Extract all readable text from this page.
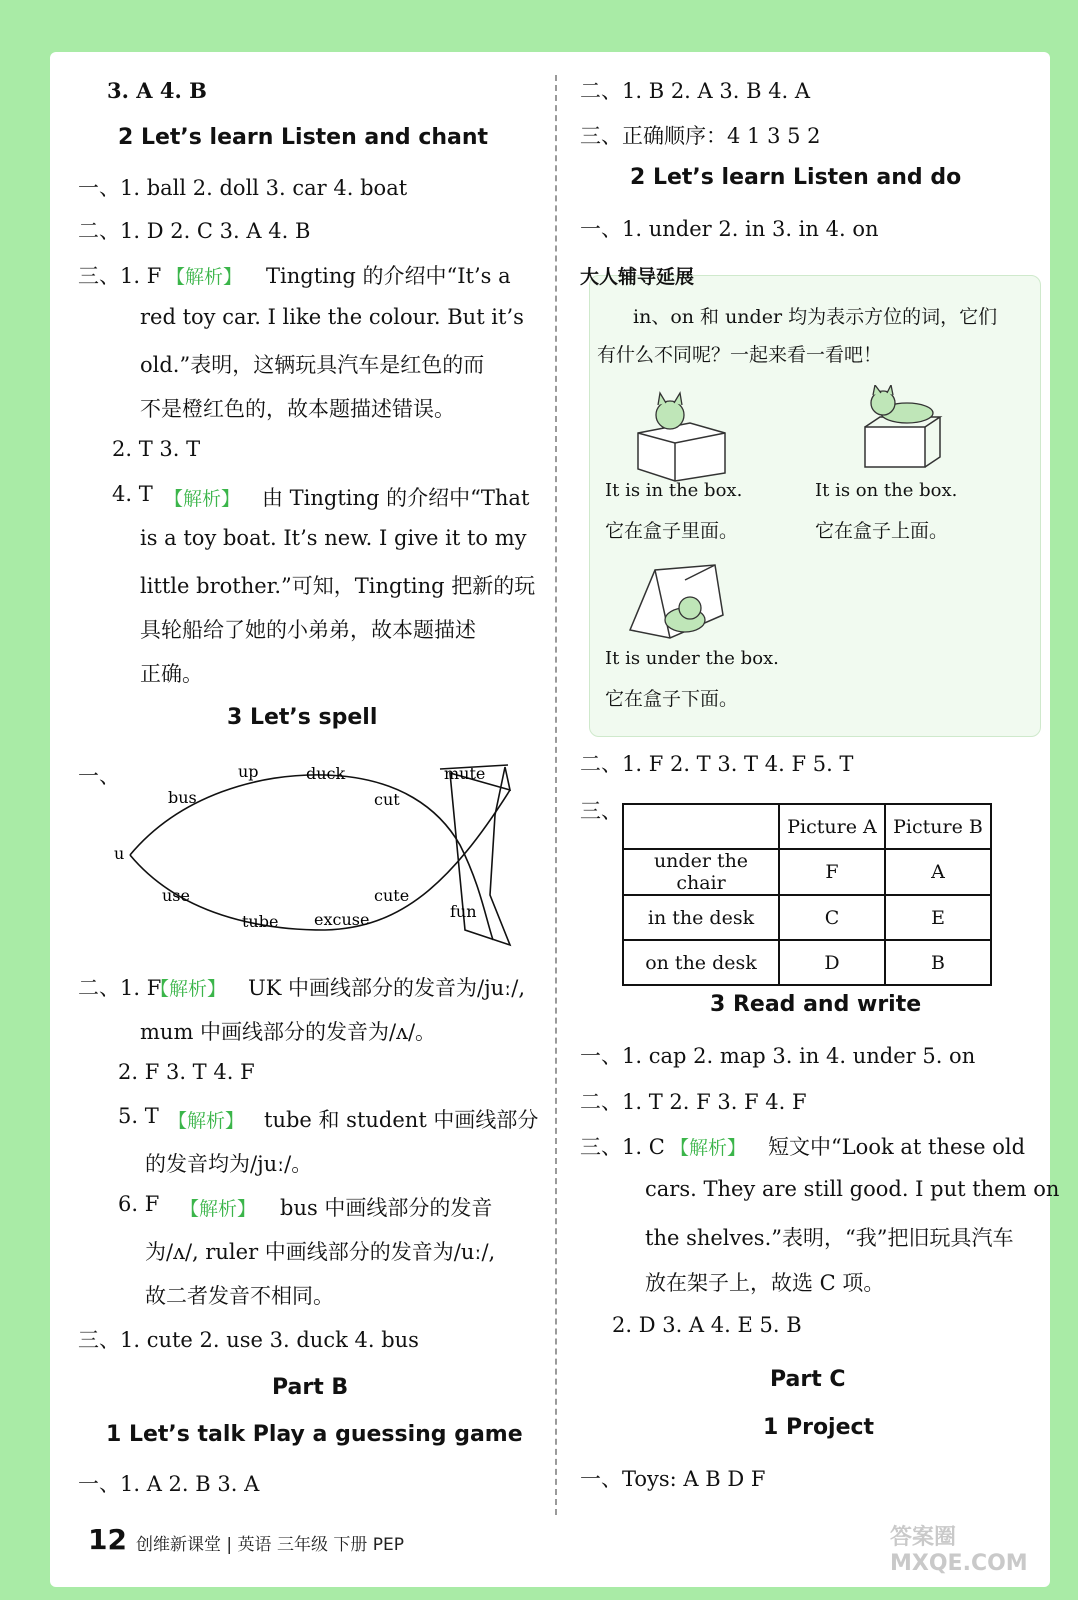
3. A 4. B
2 Let’s learn Listen and chant
一、1. ball 2. doll 3. car 4. boat
二、1. D 2. C 3. A 4. B
三、1. F 【解析】 Tingting 的介绍中“It’s a
red toy car. I like the colour. But it’s
old.”表明，这辆玩具汽车是红色的而
不是橙红色的，故本题描述错误。
2. T 3. T
4. T 【解析】 由 Tingting 的介绍中“That
is a toy boat. It’s new. I give it to my
little brother.”可知，Tingting 把新的玩
具轮船给了她的小弟弟，故本题描述
正确。
3 Let’s spell
一、
u
bus
up	duck
cut
mute
use
tube excuse
cute
fun
二、1. F
【解析】 UK 中画线部分的发音为/juː/,
mum 中画线部分的发音为/ʌ/。
2. F 3. T 4. F
5. T 【解析】 tube 和 student 中画线部分
的发音均为/juː/。
6. F 【解析】 bus 中画线部分的发音
为/ʌ/, ruler 中画线部分的发音为/uː/,
故二者发音不相同。
三、1. cute 2. use 3. duck 4. bus
Part B
1 Let’s talk Play a guessing game
一、1. A 2. B 3. A
二、1. B 2. A 3. B 4. A
三、正确顺序：4 1 3 5 2
2 Let’s learn Listen and do
一、1. under 2. in 3. in 4. on
大人辅导延展
in、on 和 under 均为表示方位的词，它们
有什么不同呢？一起来看一看吧！
It is in the box.
它在盒子里面。
It is on the box.
它在盒子上面。
It is under the box.
它在盒子下面。
二、1. F 2. T 3. T 4. F 5. T
三、
	Picture A	Picture B
under the chair	F	A
in the desk	C	E
on the desk	D	B
3 Read and write
一、1. cap 2. map 3. in 4. under 5. on
二、1. T 2. F 3. F 4. F
三、1. C 【解析】 短文中“Look at these old
cars. They are still good. I put them on
the shelves.”表明，“我”把旧玩具汽车
放在架子上，故选 C 项。
2. D 3. A 4. E 5. B
Part C
1 Project
一、Toys: A B D F
12 创维新课堂 | 英语 三年级 下册 PEP	答案圈 MXQE.COM
